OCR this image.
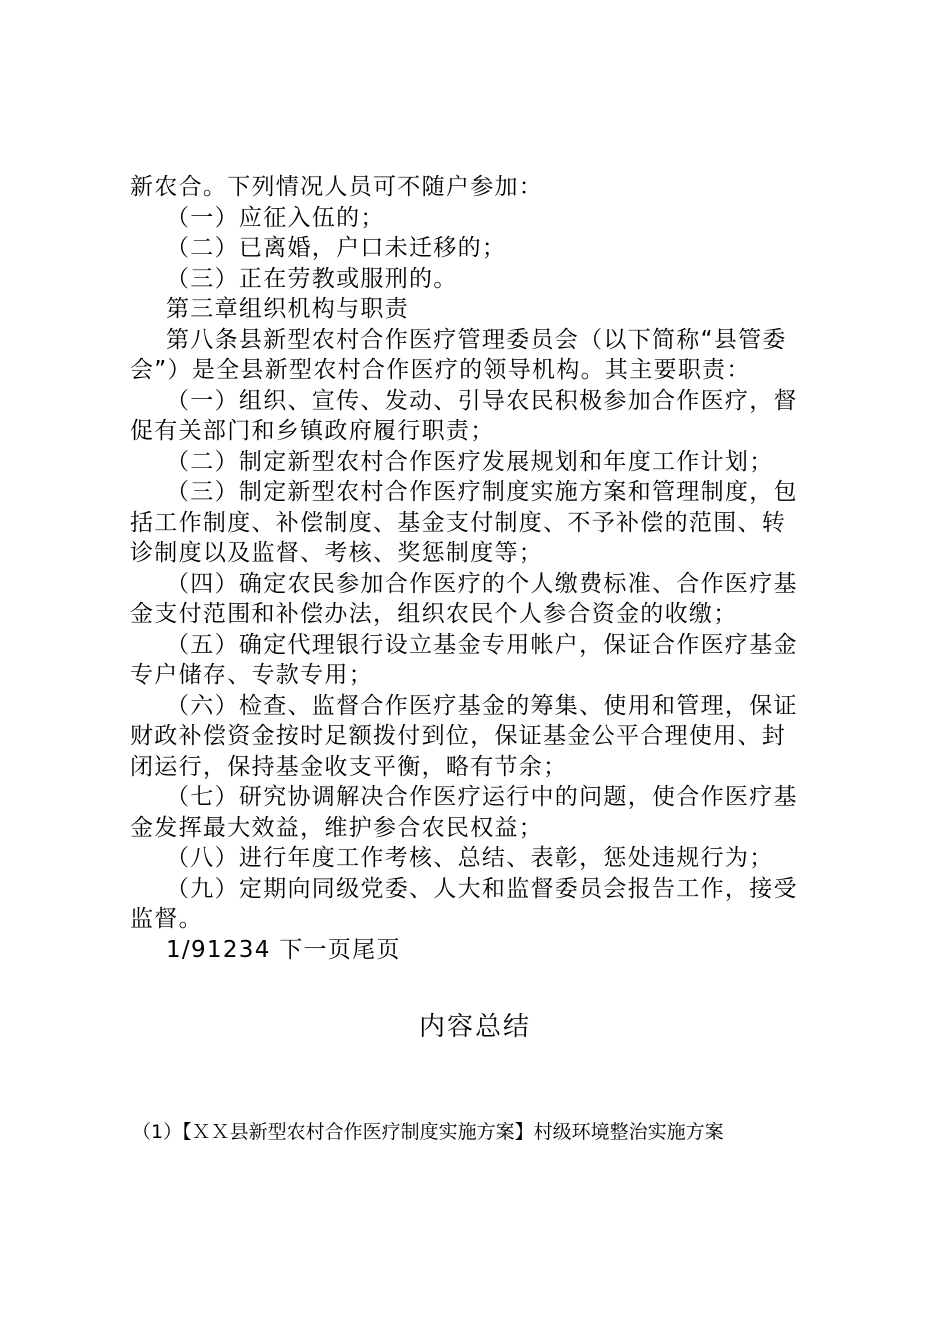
新农合。下列情况人员可不随户参加：

（一）应征入伍的；

（二）已离婚，户口未迁移的；

（三）正在劳教或服刑的。

第三章组织机构与职责

第八条县新型农村合作医疗管理委员会（以下简称“县管委

会”）是全县新型农村合作医疗的领导机构。其主要职责：

（一）组织、宣传、发动、引导农民积极参加合作医疗，督

促有关部门和乡镇政府履行职责；

（二）制定新型农村合作医疗发展规划和年度工作计划；

（三）制定新型农村合作医疗制度实施方案和管理制度，包

括工作制度、补偿制度、基金支付制度、不予补偿的范围、转

诊制度以及监督、考核、奖惩制度等；

（四）确定农民参加合作医疗的个人缴费标准、合作医疗基

金支付范围和补偿办法，组织农民个人参合资金的收缴；

（五）确定代理银行设立基金专用帐户，保证合作医疗基金

专户储存、专款专用；

（六）检查、监督合作医疗基金的筹集、使用和管理，保证

财政补偿资金按时足额拨付到位，保证基金公平合理使用、封

闭运行，保持基金收支平衡，略有节余；

（七）研究协调解决合作医疗运行中的问题，使合作医疗基

金发挥最大效益，维护参合农民权益；

（八）进行年度工作考核、总结、表彰，惩处违规行为；

（九）定期向同级党委、人大和监督委员会报告工作，接受

监督。

1/91234 下一页尾页

内容总结

（1）【ＸＸ县新型农村合作医疗制度实施方案】村级环境整治实施方案
